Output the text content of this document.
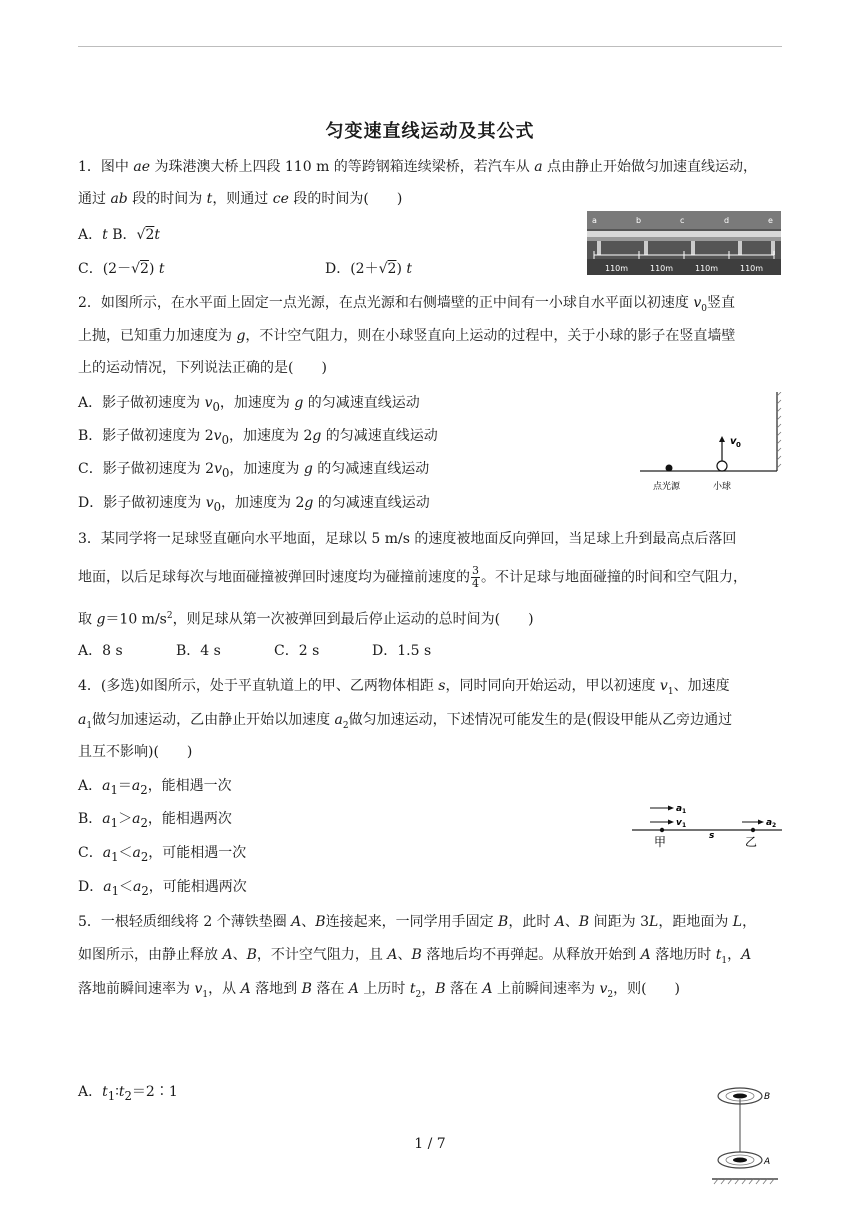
匀变速直线运动及其公式
1．图中 ae 为珠港澳大桥上四段 110 m 的等跨钢箱连续梁桥，若汽车从 a 点由静止开始做匀加速直线运动，
通过 ab 段的时间为 t，则通过 ce 段的时间为(　　)
A．t B．√2t
C．(2－√2) t	D．(2＋√2) t
a	b	c	d	e
110m	110m	110m	110m
2．如图所示，在水平面上固定一点光源，在点光源和右侧墙壁的正中间有一小球自水平面以初速度 $v_0$竖直
上抛，已知重力加速度为 g，不计空气阻力，则在小球竖直向上运动的过程中，关于小球的影子在竖直墙壁
上的运动情况，下列说法正确的是(　　)
A．影子做初速度为 $v_0$，加速度为 g 的匀减速直线运动
B．影子做初速度为 $2v_0$，加速度为 2g 的匀减速直线运动
C．影子做初速度为 $2v_0$，加速度为 g 的匀减速直线运动
D．影子做初速度为 $v_0$，加速度为 2g 的匀减速直线运动
v 0
点光源	小球
3．某同学将一足球竖直砸向水平地面，足球以 5 m/s 的速度被地面反向弹回，当足球上升到最高点后落回
地面，以后足球每次与地面碰撞被弹回时速度均为碰撞前速度的 $\frac{3}{4}$ 。不计足球与地面碰撞的时间和空气阻力，
取 g＝10 $m/s^2$，则足球从第一次被弹回到最后停止运动的总时间为(　　)
A．8 s	B．4 s	C．2 s	D．1.5 s
4．(多选)如图所示，处于平直轨道上的甲、乙两物体相距 s，同时同向开始运动，甲以初速度 $v_1$、加速度
$a_1$做匀加速运动，乙由静止开始以加速度 $a_2$做匀加速运动，下述情况可能发生的是(假设甲能从乙旁边通过
且互不影响)(　　)
A．$a_1=a_2$，能相遇一次
B．$a_1>a_2$，能相遇两次
C．$a_1<a_2$，可能相遇一次
D．$a_1<a_2$，可能相遇两次
a 1
v 1	a 2
s
甲	乙
5．一根轻质细线将 2 个薄铁垫圈 A、B连接起来，一同学用手固定 B，此时 A、B 间距为 3L，距地面为 L，
如图所示，由静止释放 A、B，不计空气阻力，且 A、B 落地后均不再弹起。从释放开始到 A 落地历时 $t_1$，A
落地前瞬间速率为 $v_1$，从 A 落地到 B 落在 A 上历时 $t_2$，B 落在 A 上前瞬间速率为 $v_2$，则(　　)
A．$t_1∶t_2=2∶1$	B
A
1 / 7
